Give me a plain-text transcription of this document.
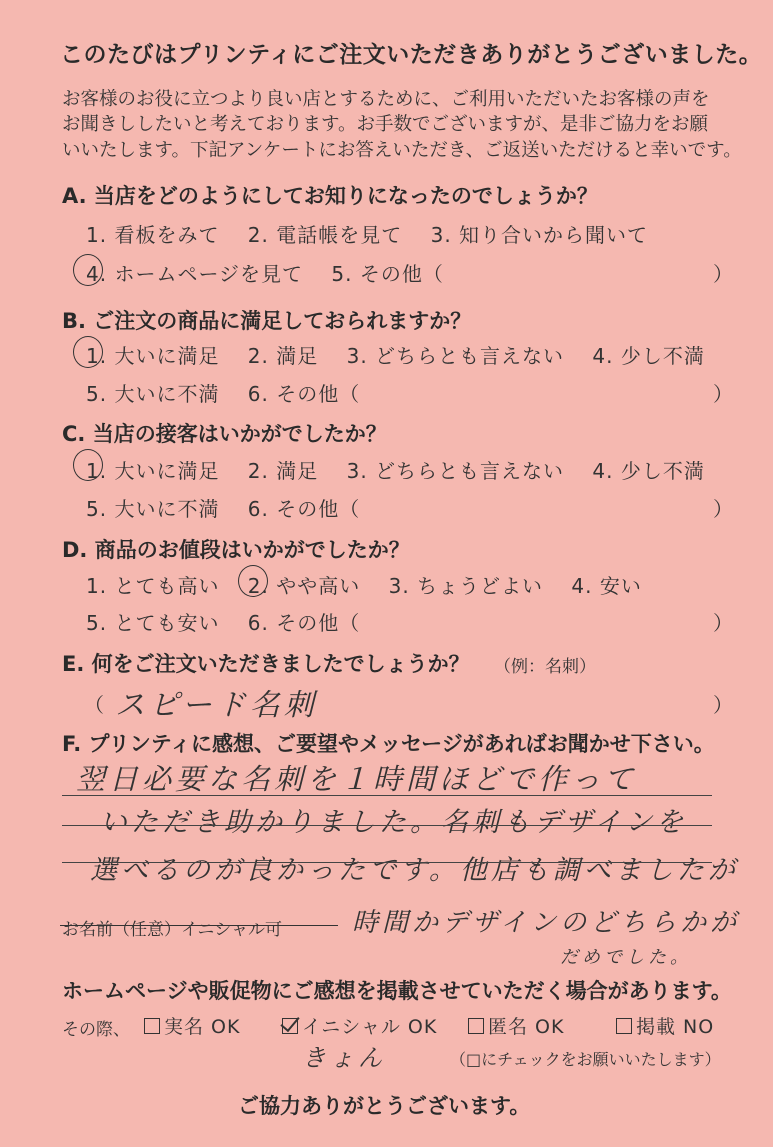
このたびはプリンティにご注文いただきありがとうございました。
お客様のお役に立つより良い店とするために、ご利用いただいたお客様の声を
お聞きししたいと考えております。お手数でございますが、是非ご協力をお願
いいたします。下記アンケートにお答えいただき、ご返送いただけると幸いです。
A. 当店をどのようにしてお知りになったのでしょうか？
1. 看板をみて　 2. 電話帳を見て　 3. 知り合いから聞いて
4. ホームページを見て　 5. その他（	）
B. ご注文の商品に満足しておられますか？
1. 大いに満足　 2. 満足　 3. どちらとも言えない　 4. 少し不満
5. 大いに不満　 6. その他（	）
C. 当店の接客はいかがでしたか？
1. 大いに満足　 2. 満足　 3. どちらとも言えない　 4. 少し不満
5. 大いに不満　 6. その他（	）
D. 商品のお値段はいかがでしたか？
1. とても高い　 2. やや高い　 3. ちょうどよい　 4. 安い
5. とても安い　 6. その他（	）
E. 何をご注文いただきましたでしょうか？ （例：名刺）
（ スピード名刺	）
F. プリンティに感想、ご要望やメッセージがあればお聞かせ下さい。
翌日必要な名刺を１時間ほどで作って
いただき助かりました。名刺もデザインを
選べるのが良かったです。他店も調べましたが
お名前（任意）イニシャル可	時間かデザインのどちらかが
だめでした。
ホームページや販促物にご感想を掲載させていただく場合があります。
その際、	実名 OK	イニシャル OK	匿名 OK	掲載 NO
きょん	（□にチェックをお願いいたします）
ご協力ありがとうございます。
